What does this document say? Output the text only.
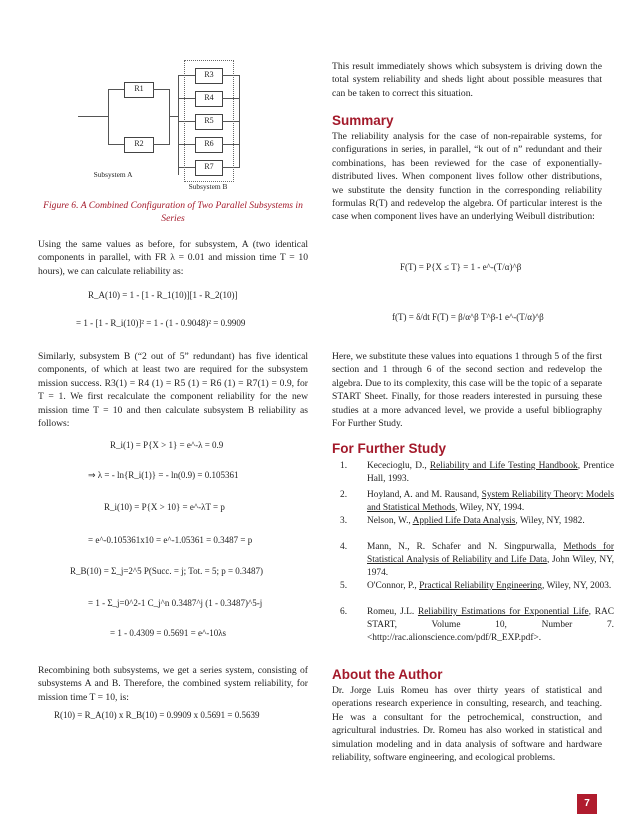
R1
R2
R3
R4
R5
R6
R7
Subsystem A
Subsystem B
Figure 6. A Combined Configuration of Two Parallel Subsystems in Series

Using the same values as before, for subsystem, A (two identical components in parallel, with FR λ = 0.01 and mission time T = 10 hours), we can calculate reliability as:

R_A(10) = 1 - [1 - R_1(10)][1 - R_2(10)]
= 1 - [1 - R_i(10)]² = 1 - (1 - 0.9048)² = 0.9909

Similarly, subsystem B (“2 out of 5” redundant) has five identical components, of which at least two are required for the subsystem mission success. R3(1) = R4 (1) = R5 (1) = R6 (1) = R7(1) = 0.9, for T = 1. We first recalculate the component reliability for the new mission time T = 10 and then calculate subsystem B reliability as follows:

R_i(1) = P{X > 1} = e^-λ = 0.9
⇒ λ = - ln{R_i(1)} = - ln(0.9) = 0.105361
R_i(10) = P{X > 10} = e^-λT = p
= e^-0.105361x10 = e^-1.05361 = 0.3487 = p
R_B(10) = Σ_j=2^5 P(Succ. = j; Tot. = 5; p = 0.3487)
= 1 - Σ_j=0^2-1 C_j^n 0.3487^j (1 - 0.3487)^5-j
= 1 - 0.4309 = 0.5691 = e^-10λs

Recombining both subsystems, we get a series system, consisting of subsystems A and B. Therefore, the combined system reliability, for mission time T = 10, is:

R(10) = R_A(10) x R_B(10) = 0.9909 x 0.5691 = 0.5639

This result immediately shows which subsystem is driving down the total system reliability and sheds light about possible measures that can be taken to correct this situation.

Summary

The reliability analysis for the case of non-repairable systems, for configurations in series, in parallel, “k out of n” redundant and their combinations, has been reviewed for the case of exponentially-distributed lives. When component lives follow other distributions, we substitute the density function in the corresponding reliability formulas R(T) and redevelop the algebra. Of particular interest is the case when component lives have an underlying Weibull distribution:

F(T) = P{X ≤ T} = 1 - e^-(T/α)^β
f(T) = δ/dt F(T) = β/α^β T^β-1 e^-(T/α)^β

Here, we substitute these values into equations 1 through 5 of the first section and 1 through 6 of the second section and redevelop the algebra. Due to its complexity, this case will be the topic of a separate START Sheet. Finally, for those readers interested in pursuing these studies at a more advanced level, we provide a useful bibliography For Further Study.

For Further Study
1. Kececioglu, D., Reliability and Life Testing Handbook, Prentice Hall, 1993.
2. Hoyland, A. and M. Rausand, System Reliability Theory: Models and Statistical Methods, Wiley, NY, 1994.
3. Nelson, W., Applied Life Data Analysis, Wiley, NY, 1982.
4. Mann, N., R. Schafer and N. Singpurwalla, Methods for Statistical Analysis of Reliability and Life Data, John Wiley, NY, 1974.
5. O'Connor, P., Practical Reliability Engineering, Wiley, NY, 2003.
6. Romeu, J.L. Reliability Estimations for Exponential Life, RAC START, Volume 10, Number 7. <http://rac.alionscience.com/pdf/R_EXP.pdf>.
About the Author

Dr. Jorge Luis Romeu has over thirty years of statistical and operations research experience in consulting, research, and teaching. He was a consultant for the petrochemical, construction, and agricultural industries. Dr. Romeu has also worked in statistical and simulation modeling and in data analysis of software and hardware reliability, software engineering, and ecological problems.

7
